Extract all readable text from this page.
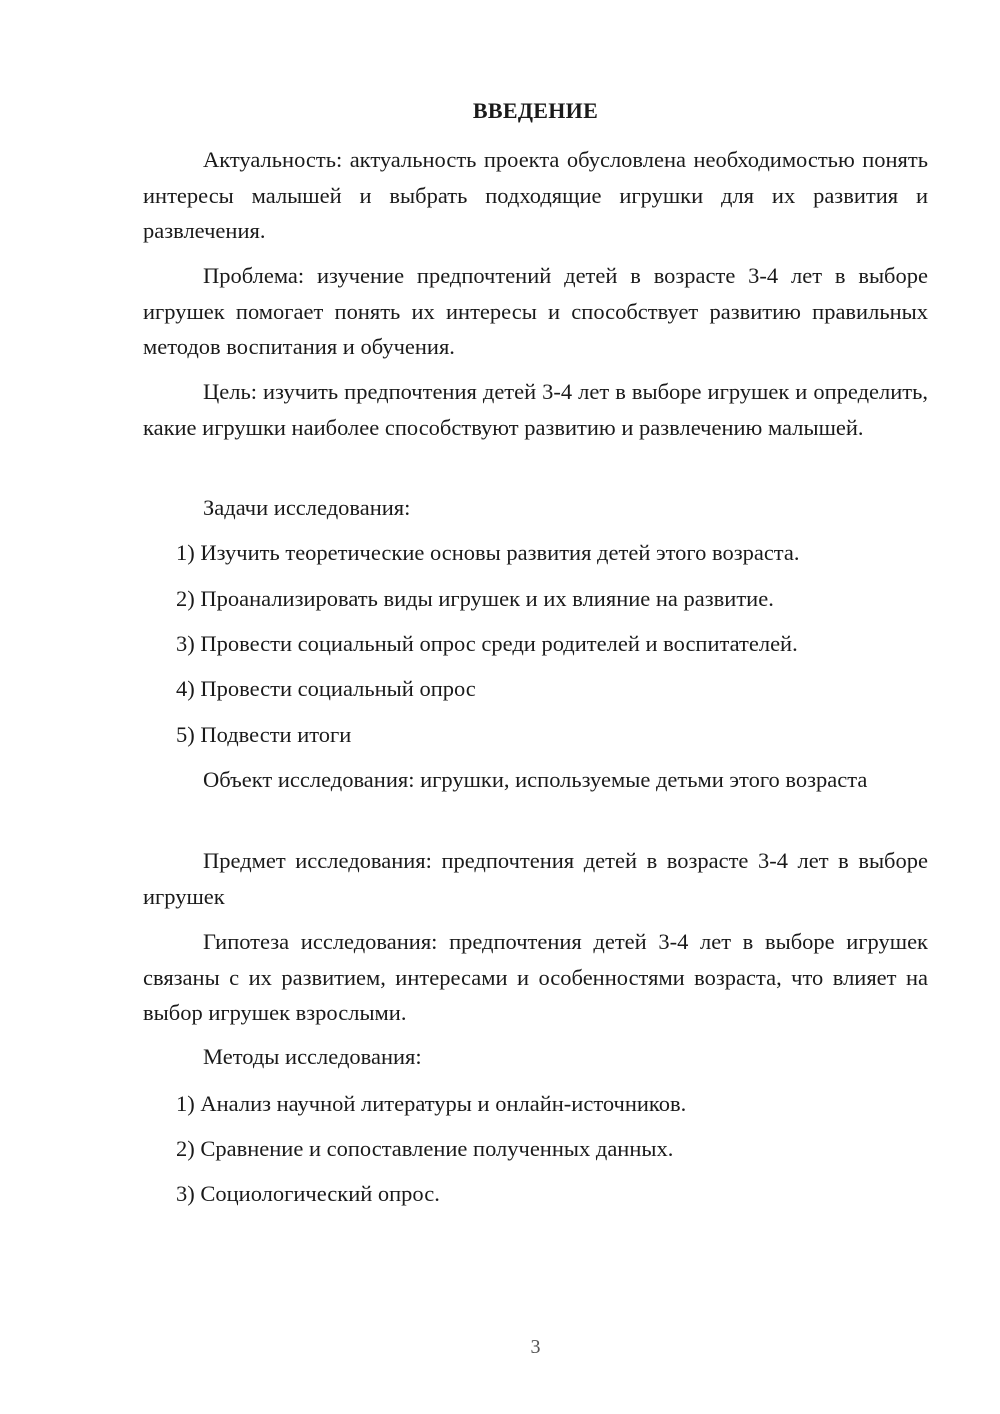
ВВЕДЕНИЕ

Актуальность: актуальность проекта обусловлена необходимостью понять интересы малышей и выбрать подходящие игрушки для их развития и развлечения.

Проблема: изучение предпочтений детей в возрасте 3-4 лет в выборе игрушек помогает понять их интересы и способствует развитию правильных методов воспитания и обучения.

Цель: изучить предпочтения детей 3-4 лет в выборе игрушек и определить, какие игрушки наиболее способствуют развитию и развлечению малышей.

Задачи исследования:
1) Изучить теоретические основы развития детей этого возраста.
2) Проанализировать виды игрушек и их влияние на развитие.
3) Провести социальный опрос среди родителей и воспитателей.
4) Провести социальный опрос
5) Подвести итоги

Объект исследования: игрушки, используемые детьми этого возраста

Предмет исследования: предпочтения детей в возрасте 3-4 лет в выборе игрушек

Гипотеза исследования: предпочтения детей 3-4 лет в выборе игрушек связаны с их развитием, интересами и особенностями возраста, что влияет на выбор игрушек взрослыми.

Методы исследования:
1) Анализ научной литературы и онлайн-источников.
2) Сравнение и сопоставление полученных данных.
3) Социологический опрос.
3
